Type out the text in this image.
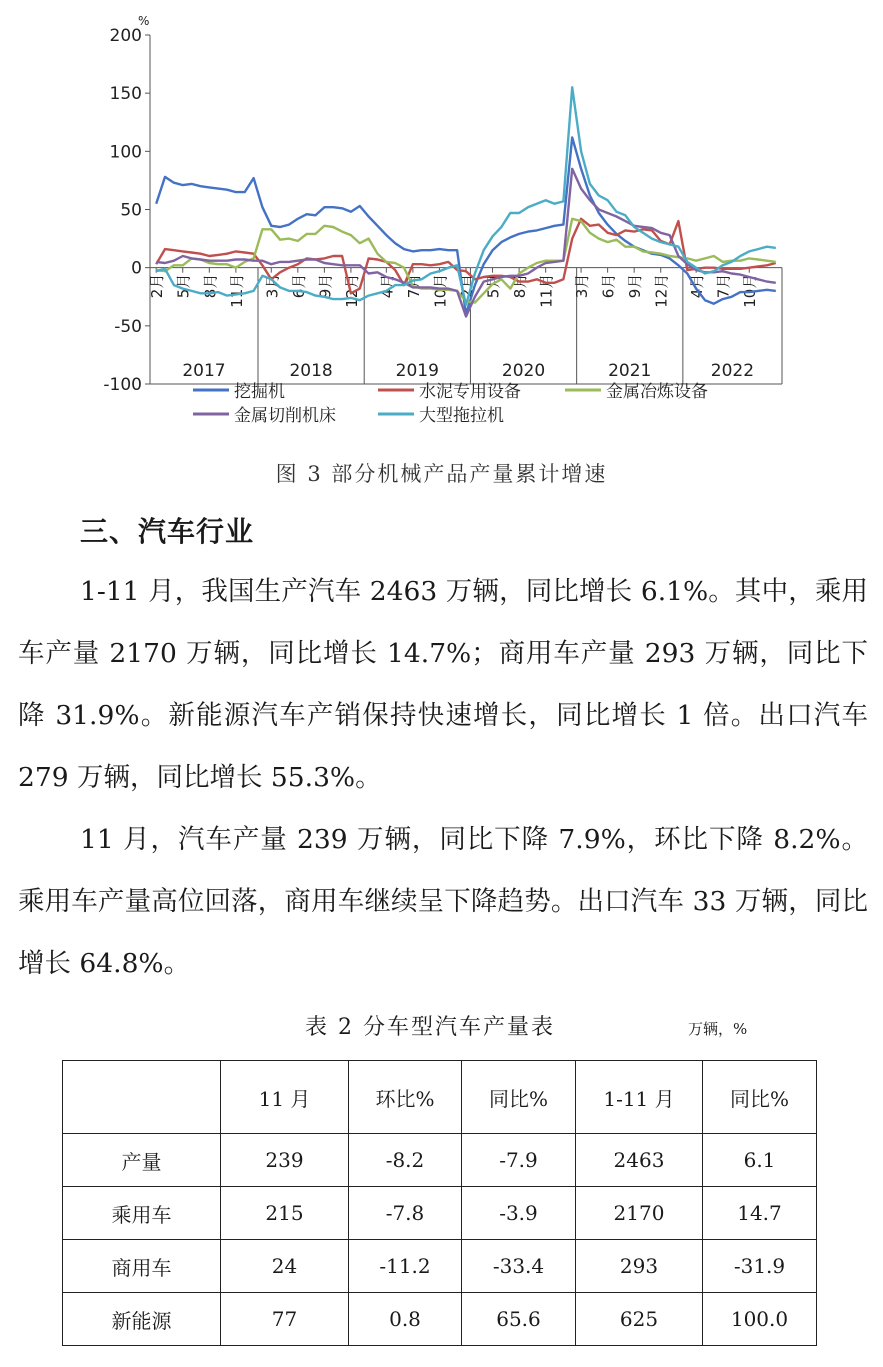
200
150
100
50
0
-50
-100
%
2017	2018	2019	2020	2021	2022
2月 5月 8月 11月 3月 6月 9月 12月 4月 7月 10月 2月 5月 8月 11月 3月 6月 9月 12月 4月 7月 10月
挖掘机	水泥专用设备	金属冶炼设备
金属切削机床	大型拖拉机
图 3 部分机械产品产量累计增速
三、汽车行业
1-11 月，我国生产汽车 2463 万辆，同比增长 6.1%。其中，乘用车产量 2170 万辆，同比增长 14.7%；商用车产量 293 万辆，同比下降 31.9%。新能源汽车产销保持快速增长，同比增长 1 倍。出口汽车 279 万辆，同比增长 55.3%。
11 月，汽车产量 239 万辆，同比下降 7.9%，环比下降 8.2%。乘用车产量高位回落，商用车继续呈下降趋势。出口汽车 33 万辆，同比增长 64.8%。
表 2 分车型汽车产量表	万辆，%
	11 月	环比%	同比%	1-11 月	同比%
产量	239	-8.2	-7.9	2463	6.1
乘用车	215	-7.8	-3.9	2170	14.7
商用车	24	-11.2	-33.4	293	-31.9
新能源	77	0.8	65.6	625	100.0
